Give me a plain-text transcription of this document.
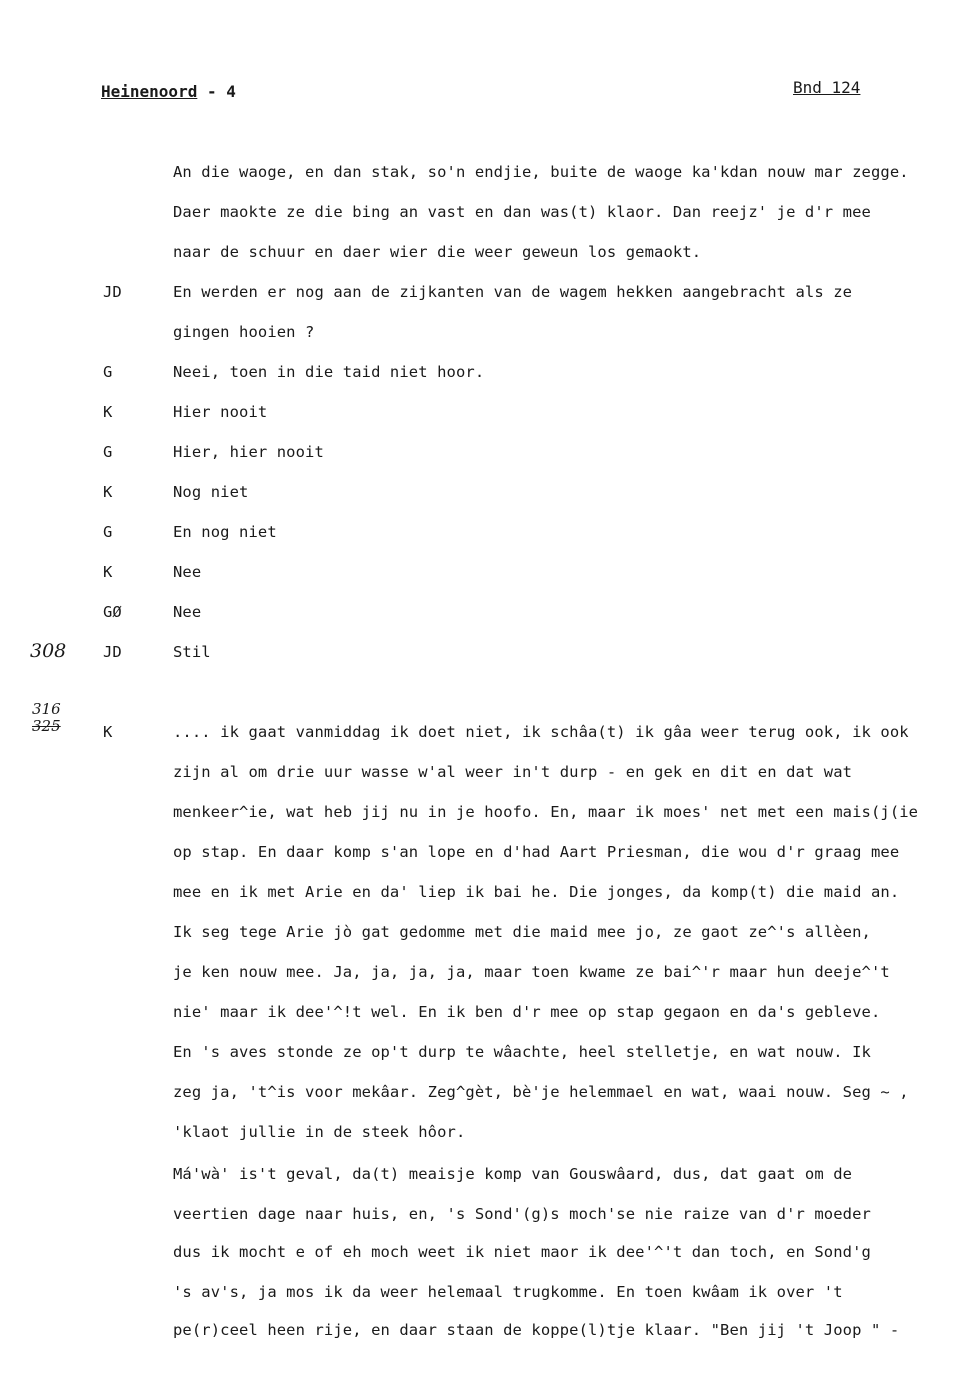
Heinenoord - 4	Bnd 124
An die waoge, en dan stak, so'n endjie, buite de waoge ka'kdan nouw mar zegge.
Daer maokte ze die bing an vast en dan was(t) klaor. Dan reejz' je d'r mee
naar de schuur en daer wier die weer geweun los gemaokt.
JD	En werden er nog aan de zijkanten van de wagem hekken aangebracht als ze
gingen hooien ?
G	Neei, toen in die taid niet hoor.
K	Hier nooit
G	Hier, hier nooit
K	Nog niet
G	En nog niet
K	Nee
GØ	Nee
JD	Stil
K	.... ik gaat vanmiddag ik doet niet, ik schâa(t) ik gâa weer terug ook, ik ook
zijn al om drie uur wasse w'al weer in't durp - en gek en dit en dat wat
menkeer^ie, wat heb jij nu in je hoofo. En, maar ik moes' net met een mais(j(ie
op stap. En daar komp s'an lope en d'had Aart Priesman, die wou d'r graag mee
mee en ik met Arie en da' liep ik bai he. Die jonges, da komp(t) die maid an.
Ik seg tege Arie jò gat gedomme met die maid mee jo, ze gaot ze^'s allèen,
je ken nouw mee. Ja, ja, ja, ja, maar toen kwame ze bai^'r maar hun deeje^'t
nie' maar ik dee'^!t wel. En ik ben d'r mee op stap gegaon en da's gebleve.
En 's aves stonde ze op't durp te wâachte, heel stelletje, en wat nouw. Ik
zeg ja, 't^is voor mekâar. Zeg^gèt, bè'je helemmael en wat, waai nouw. Seg ~ ,
'klaot jullie in de steek hôor.
Má'wà' is't geval, da(t) meaisje komp van Gouswâard, dus, dat gaat om de
veertien dage naar huis, en, 's Sond'(g)s moch'se nie raize van d'r moeder
dus ik mocht e of eh moch weet ik niet maor ik dee'^'t dan toch, en Sond'g
's av's, ja mos ik da weer helemaal trugkomme. En toen kwâam ik over 't
pe(r)ceel heen rije, en daar staan de koppe(l)tje klaar. "Ben jij 't Joop " -
308
316
325
